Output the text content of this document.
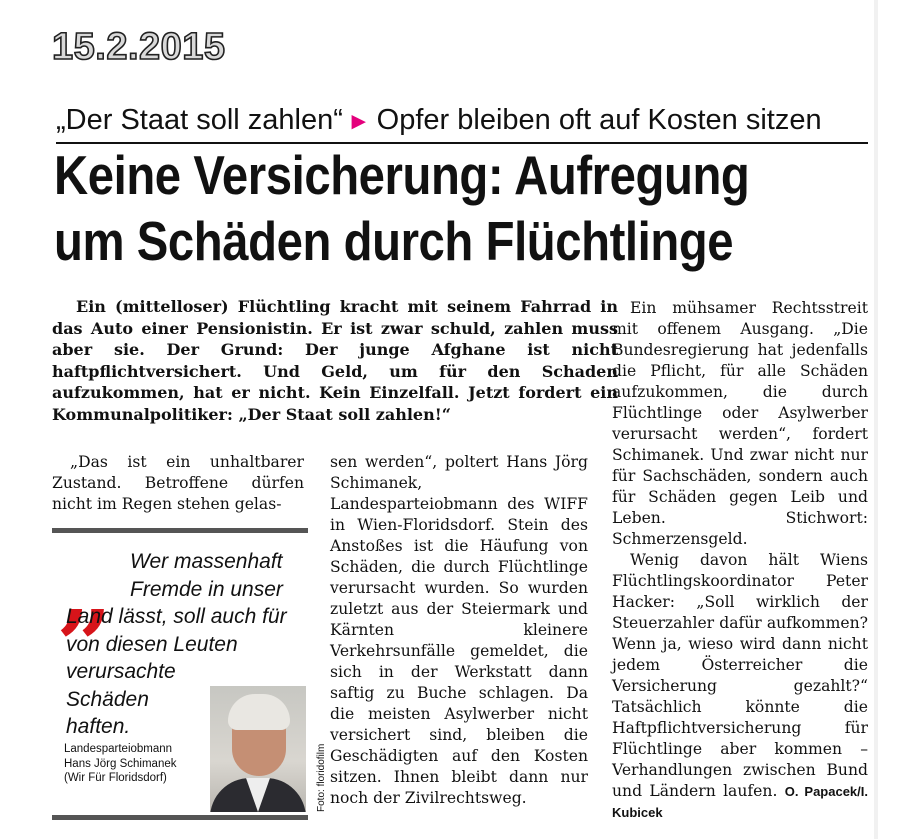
15.2.2015
„Der Staat soll zahlen“ ► Opfer bleiben oft auf Kosten sitzen
Keine Versicherung: Aufregung
um Schäden durch Flüchtlinge
Ein (mittelloser) Flüchtling kracht mit seinem Fahrrad in das Auto einer Pensionistin. Er ist zwar schuld, zahlen muss aber sie. Der Grund: Der junge Afghane ist nicht haftpflichtversichert. Und Geld, um für den Schaden aufzukommen, hat er nicht. Kein Einzelfall. Jetzt fordert ein Kommunalpolitiker: „Der Staat soll zahlen!“

„Das ist ein unhaltbarer Zustand. Betroffene dürfen nicht im Regen stehen gelas-

„ Wer massenhaft
Fremde in unser
Land lässt, soll auch für
von diesen Leuten
verursachte
Schäden
haften.
Foto: floridofilm
Landesparteiobmann
Hans Jörg Schimanek
(Wir Für Floridsdorf)

sen werden“, poltert Hans Jörg Schimanek, Landesparteiobmann des WIFF in Wien-Floridsdorf. Stein des Anstoßes ist die Häufung von Schäden, die durch Flüchtlinge verursacht wurden. So wurden zuletzt aus der Steiermark und Kärnten kleinere Verkehrsunfälle gemeldet, die sich in der Werkstatt dann saftig zu Buche schlagen. Da die meisten Asylwerber nicht versichert sind, bleiben die Geschädigten auf den Kosten sitzen. Ihnen bleibt dann nur noch der Zivilrechtsweg.

Ein mühsamer Rechtsstreit mit offenem Ausgang. „Die Bundesregierung hat jedenfalls die Pflicht, für alle Schäden aufzukommen, die durch Flüchtlinge oder Asylwerber verursacht werden“, fordert Schimanek. Und zwar nicht nur für Sachschäden, sondern auch für Schäden gegen Leib und Leben. Stichwort: Schmerzensgeld.

Wenig davon hält Wiens Flüchtlingskoordinator Peter Hacker: „Soll wirklich der Steuerzahler dafür aufkommen? Wenn ja, wieso wird dann nicht jedem Österreicher die Versicherung gezahlt?“ Tatsächlich könnte die Haftpflichtversicherung für Flüchtlinge aber kommen – Verhandlungen zwischen Bund und Ländern laufen. O. Papacek/I. Kubicek
